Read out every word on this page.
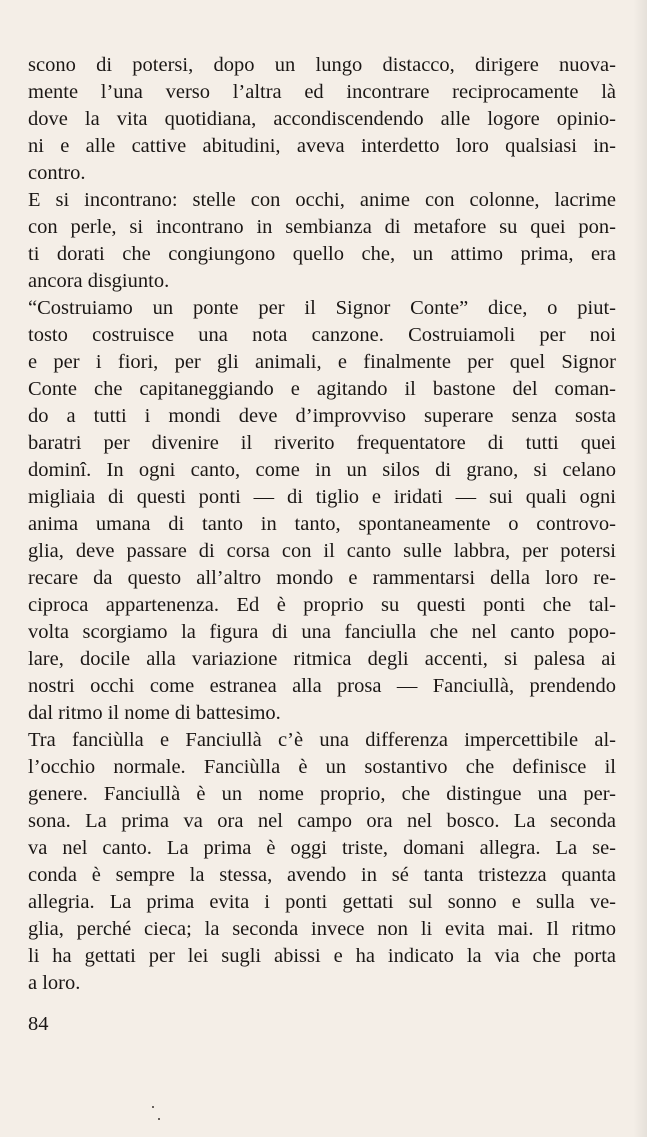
scono di potersi, dopo un lungo distacco, dirigere nuova-
mente l’una verso l’altra ed incontrare reciprocamente là
dove la vita quotidiana, accondiscendendo alle logore opinio-
ni e alle cattive abitudini, aveva interdetto loro qualsiasi in-
contro.
E si incontrano: stelle con occhi, anime con colonne, lacrime
con perle, si incontrano in sembianza di metafore su quei pon-
ti dorati che congiungono quello che, un attimo prima, era
ancora disgiunto.
“Costruiamo un ponte per il Signor Conte” dice, o piut-
tosto costruisce una nota canzone. Costruiamoli per noi
e per i fiori, per gli animali, e finalmente per quel Signor
Conte che capitaneggiando e agitando il bastone del coman-
do a tutti i mondi deve d’improvviso superare senza sosta
baratri per divenire il riverito frequentatore di tutti quei
dominî. In ogni canto, come in un silos di grano, si celano
migliaia di questi ponti — di tiglio e iridati — sui quali ogni
anima umana di tanto in tanto, spontaneamente o controvo-
glia, deve passare di corsa con il canto sulle labbra, per potersi
recare da questo all’altro mondo e rammentarsi della loro re-
ciproca appartenenza. Ed è proprio su questi ponti che tal-
volta scorgiamo la figura di una fanciulla che nel canto popo-
lare, docile alla variazione ritmica degli accenti, si palesa ai
nostri occhi come estranea alla prosa — Fanciullà, prendendo
dal ritmo il nome di battesimo.
Tra fanciùlla e Fanciullà c’è una differenza impercettibile al-
l’occhio normale. Fanciùlla è un sostantivo che definisce il
genere. Fanciullà è un nome proprio, che distingue una per-
sona. La prima va ora nel campo ora nel bosco. La seconda
va nel canto. La prima è oggi triste, domani allegra. La se-
conda è sempre la stessa, avendo in sé tanta tristezza quanta
allegria. La prima evita i ponti gettati sul sonno e sulla ve-
glia, perché cieca; la seconda invece non li evita mai. Il ritmo
li ha gettati per lei sugli abissi e ha indicato la via che porta
a loro.
84
